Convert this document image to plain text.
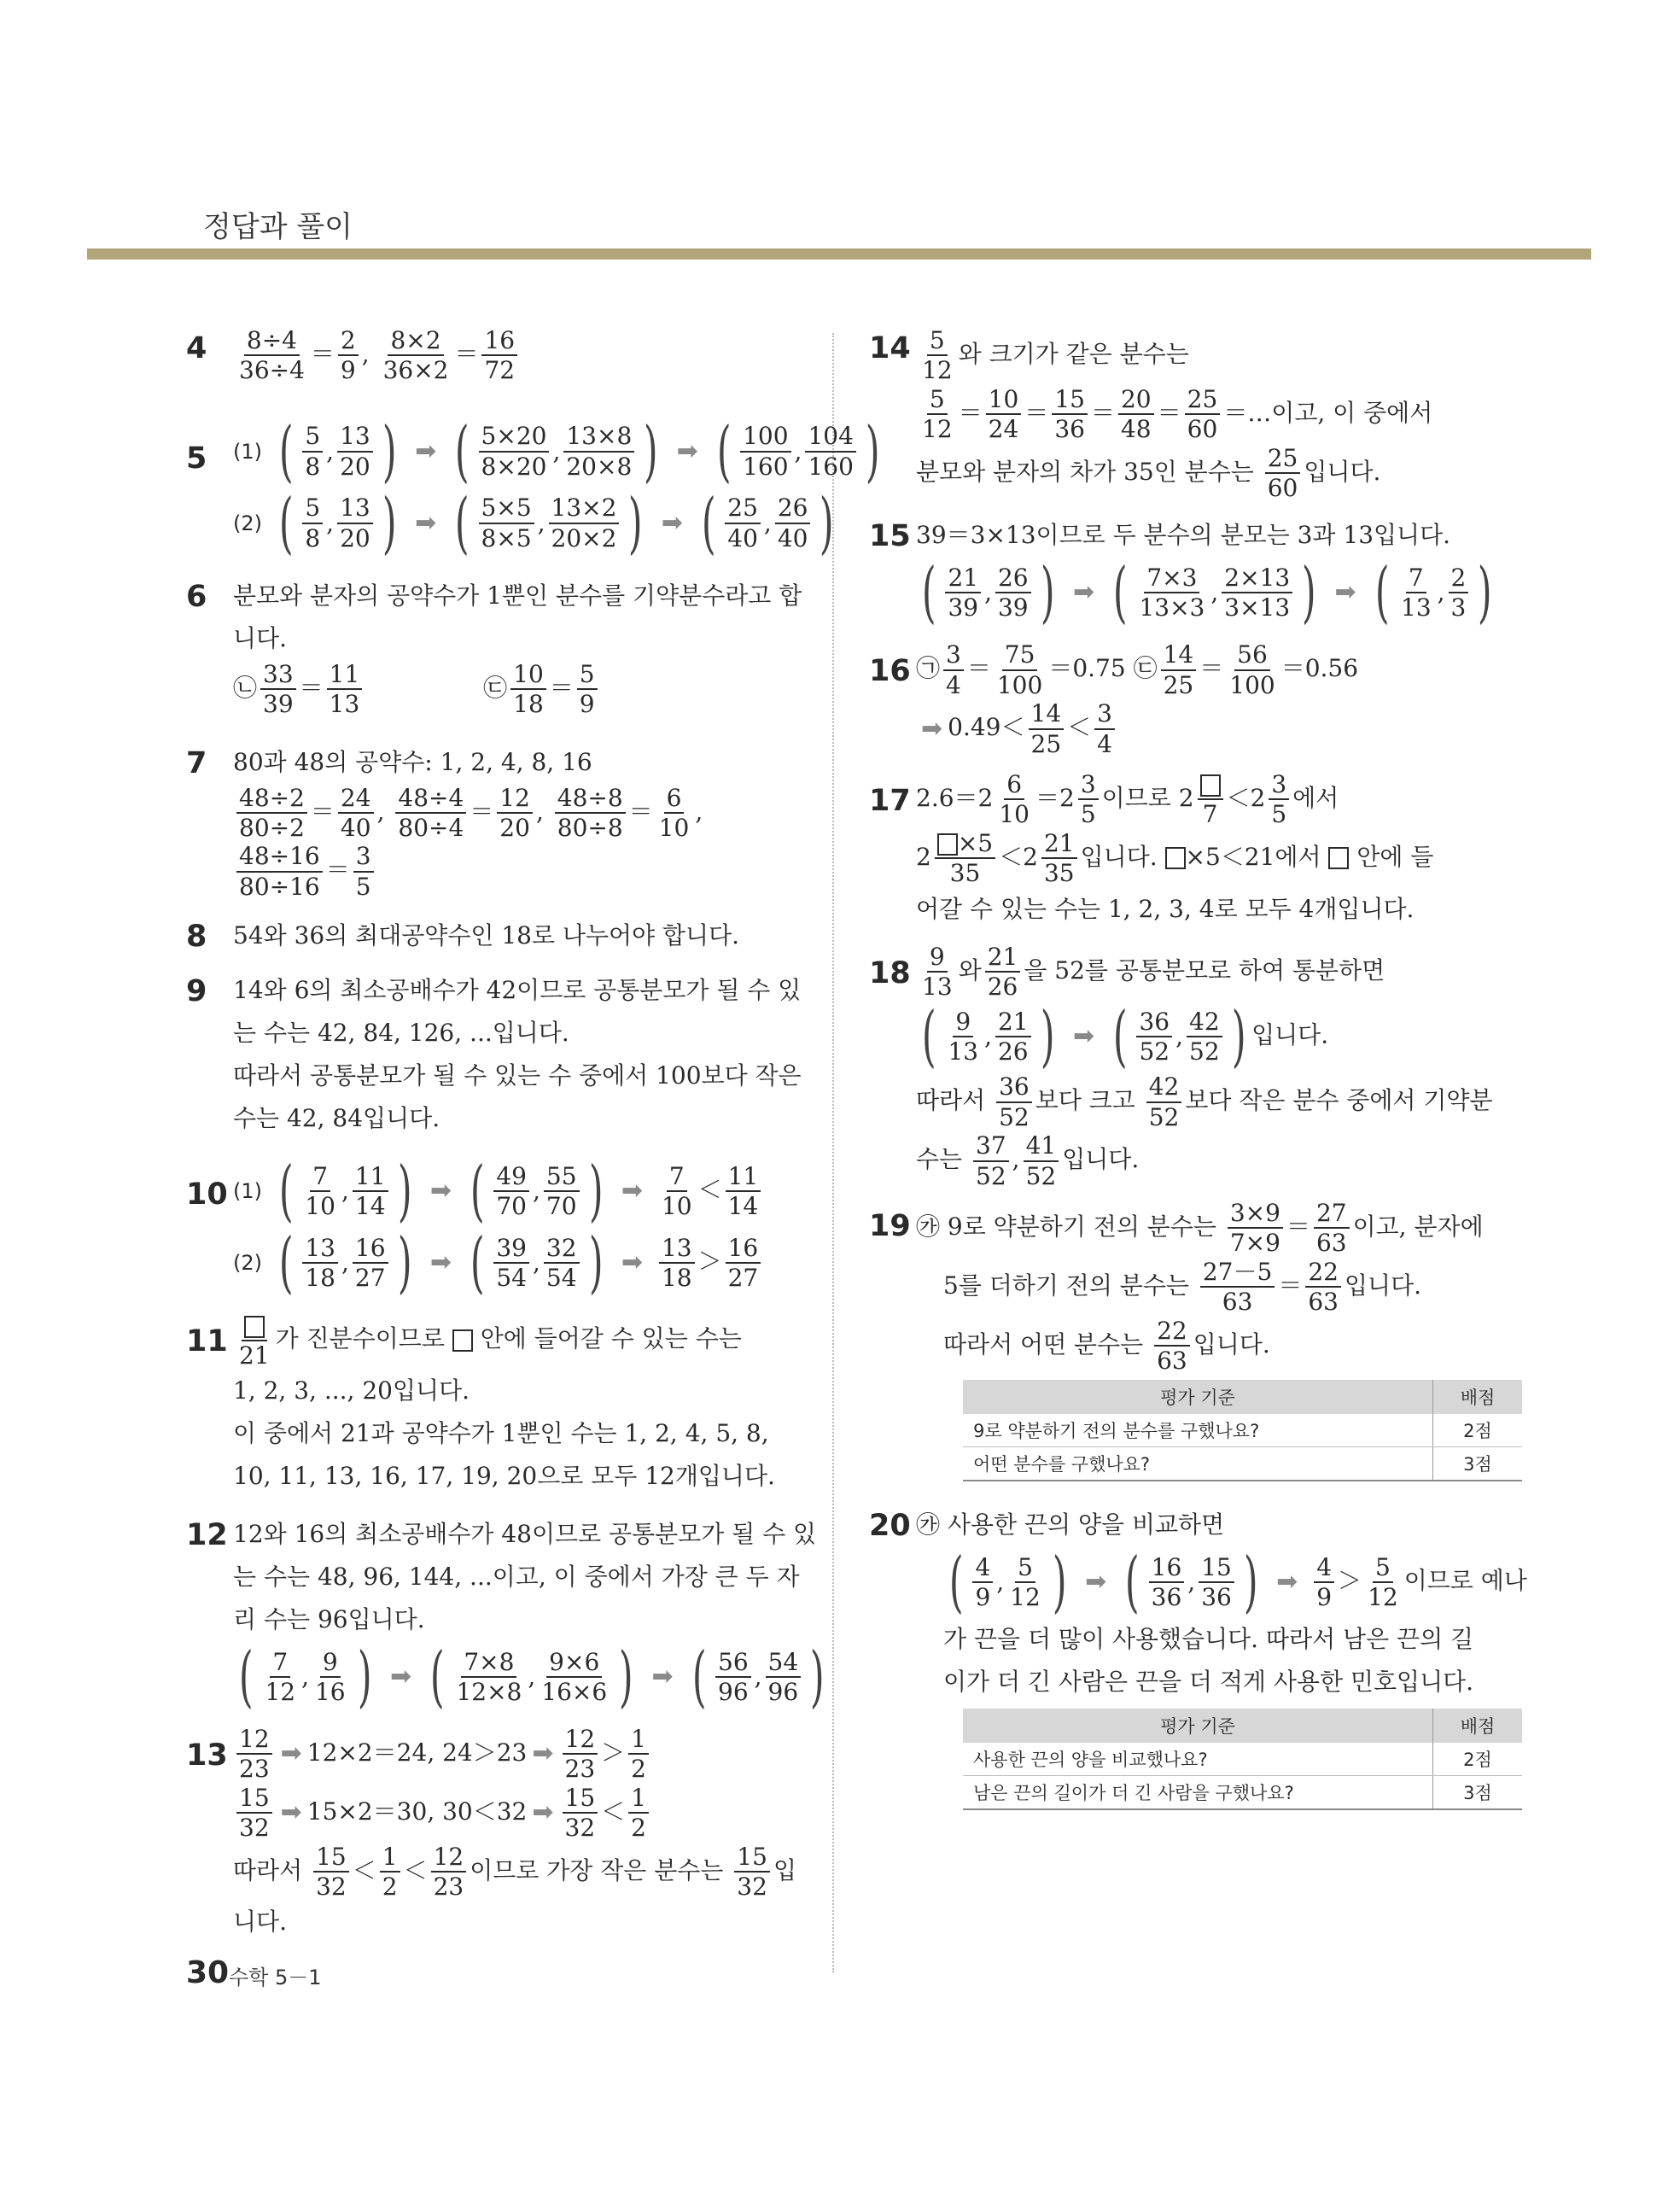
정답과 풀이
$4 \frac{8\div 4}{36\div 4} = \frac{2}{9}$ , $\frac{8\times 2}{36\times 2} = \frac{16}{72}$
5 (1) ( $\frac{5}{8}$ , $\frac{13}{20}$ ) ➡ ( $\frac{5\times 20}{8\times 20}$ , $\frac{13\times 8}{20\times 8}$ ) ➡ ( $\frac{100}{160}$ , $\frac{104}{160}$ )
(2) ( $\frac{5}{8}$ , $\frac{13}{20}$ ) ➡ ( $\frac{5\times 5}{8\times 5}$ , $\frac{13\times 2}{20\times 2}$ ) ➡ ( $\frac{25}{40}$ , $\frac{26}{40}$ )
6 분모와 분자의 공약수가 1뿐인 분수를 기약분수라고 합
니다.
㉡ $\frac{33}{39} = \frac{11}{13}$	㉢ $\frac{10}{18} = \frac{5}{9}$
7 80과 48의 공약수: 1, 2, 4, 8, 16
$\frac{48\div 2}{80\div 2} = \frac{24}{40}$ , $\frac{48\div 4}{80\div 4} = \frac{12}{20}$ , $\frac{48\div 8}{80\div 8} = \frac{6}{10}$ ,
$\frac{48\div 16}{80\div 16} = \frac{3}{5}$
8 54와 36의 최대공약수인 18로 나누어야 합니다.
9 14와 6의 최소공배수가 42이므로 공통분모가 될 수 있
는 수는 42, 84, 126, ...입니다.
따라서 공통분모가 될 수 있는 수 중에서 100보다 작은
수는 42, 84입니다.
10 (1) ( $\frac{7}{10}$ , $\frac{11}{14}$ ) ➡ ( $\frac{49}{70}$ , $\frac{55}{70}$ ) ➡ $\frac{7}{10} < \frac{11}{14}$
(2) ( $\frac{13}{18}$ , $\frac{16}{27}$ ) ➡ ( $\frac{39}{54}$ , $\frac{32}{54}$ ) ➡ $\frac{13}{18} > \frac{16}{27}$
11 21
가 진분수이므로 안에 들어갈 수 있는 수는
1, 2, 3, ..., 20입니다.
이 중에서 21과 공약수가 1뿐인 수는 1, 2, 4, 5, 8,
10, 11, 13, 16, 17, 19, 20으로 모두 12개입니다.
12 12와 16의 최소공배수가 48이므로 공통분모가 될 수 있
는 수는 48, 96, 144, ...이고, 이 중에서 가장 큰 두 자
리 수는 96입니다.
( $\frac{7}{12}$ , $\frac{9}{16}$ ) ➡ ( $\frac{7\times 8}{12\times 8}$ , $\frac{9\times 6}{16\times 6}$ ) ➡ ( $\frac{56}{96}$ , $\frac{54}{96}$ )
$13 \frac{12}{23}$ ➡ 12×2＝24, 24＞23 ➡ $\frac{12}{23} > \frac{1}{2}$
$\frac{15}{32}$ ➡ 15×2＝30, 30＜32 ➡ $\frac{15}{32} < \frac{1}{2}$
따라서 $\frac{15}{32} < \frac{1}{2} < \frac{12}{23}$ 이므로 가장 작은 분수는 $\frac{15}{32}$ 입
니다.
$14 \frac{5}{12}$ 와 크기가 같은 분수는
$\frac{5}{12} = \frac{10}{24} = \frac{15}{36} = \frac{20}{48} = \frac{25}{60}$ ＝…이고, 이 중에서
분모와 분자의 차가 35인 분수는 $\frac{25}{60}$ 입니다.
15 39＝3×13이므로 두 분수의 분모는 3과 13입니다.
( $\frac{21}{39}$ , $\frac{26}{39}$ ) ➡ ( $\frac{7\times 3}{13\times 3}$ , $\frac{2\times 13}{3\times 13}$ ) ➡ ( $\frac{7}{13}$ , $\frac{2}{3}$ )
16 ㉠ $\frac{3}{4} = \frac{75}{100} =0.75$ ㉢ $\frac{14}{25} = \frac{56}{100} =0.56$
➡ $0.49< \frac{14}{25} < \frac{3}{4}$
17 $2.6=2 \frac{6}{10} =2 \frac{3}{5}$ 이므로 2
7
$<2 \frac{3}{5}$ 에서
$2 \frac{\times 5}{35} <2 \frac{21}{35}$ 입니다. ×5＜21에서 안에 들
어갈 수 있는 수는 1, 2, 3, 4로 모두 4개입니다.
$18 \frac{9}{13}$ 와 $\frac{21}{26}$ 을 52를 공통분모로 하여 통분하면
( $\frac{9}{13}$ , $\frac{21}{26}$ ) ➡ ( $\frac{36}{52}$ , $\frac{42}{52}$ ) 입니다.
따라서 $\frac{36}{52}$ 보다 크고 $\frac{42}{52}$ 보다 작은 분수 중에서 기약분
수는 $\frac{37}{52}$ , $\frac{41}{52}$ 입니다.
19 ㉮ 9로 약분하기 전의 분수는 $\frac{3\times 9}{7\times 9} = \frac{27}{63}$ 이고, 분자에
5를 더하기 전의 분수는 $\frac{27-5}{63} = \frac{22}{63}$ 입니다.
따라서 어떤 분수는 $\frac{22}{63}$ 입니다.
평가 기준	배점
9로 약분하기 전의 분수를 구했나요?	2점
어떤 분수를 구했나요?	3점
20 ㉮ 사용한 끈의 양을 비교하면
( $\frac{4}{9}$ , $\frac{5}{12}$ ) ➡ ( $\frac{16}{36}$ , $\frac{15}{36}$ ) ➡ $\frac{4}{9} > \frac{5}{12}$ 이므로 예나
가 끈을 더 많이 사용했습니다. 따라서 남은 끈의 길
이가 더 긴 사람은 끈을 더 적게 사용한 민호입니다.
평가 기준	배점
사용한 끈의 양을 비교했나요?	2점
남은 끈의 길이가 더 긴 사람을 구했나요?	3점
30 수학 5－1
